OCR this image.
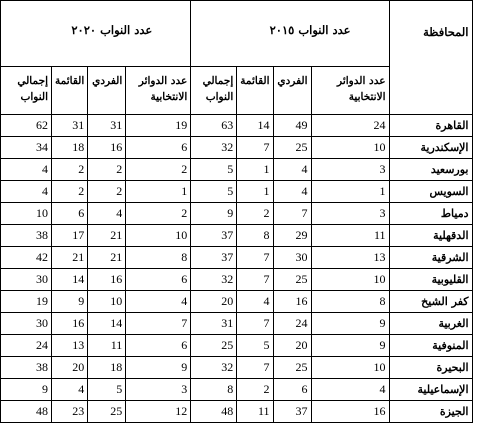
المحافظة	عدد النواب ٢٠١٥				عدد النواب ٢٠٢٠			
	عدد الدوائر الانتخابية	الفردي	القائمة	إجمالي النواب	عدد الدوائر الانتخابية	الفردي	القائمة	إجمالي النواب
القاهرة	24	49	14	63	19	31	31	62
الإسكندرية	10	25	7	32	6	16	18	34
بورسعيد	3	4	1	5	2	2	2	4
السويس	1	4	1	5	1	2	2	4
دمياط	3	7	2	9	2	4	6	10
الدقهلية	11	29	8	37	10	21	17	38
الشرقية	13	30	7	37	8	21	21	42
القليوبية	10	25	7	32	6	16	14	30
كفر الشيخ	8	16	4	20	4	10	9	19
الغربية	9	24	7	31	7	14	16	30
المنوفية	9	20	5	25	6	11	13	24
البحيرة	10	25	7	32	9	18	20	38
الإسماعيلية	4	6	2	8	3	5	4	9
الجيزة	16	37	11	48	12	25	23	48
